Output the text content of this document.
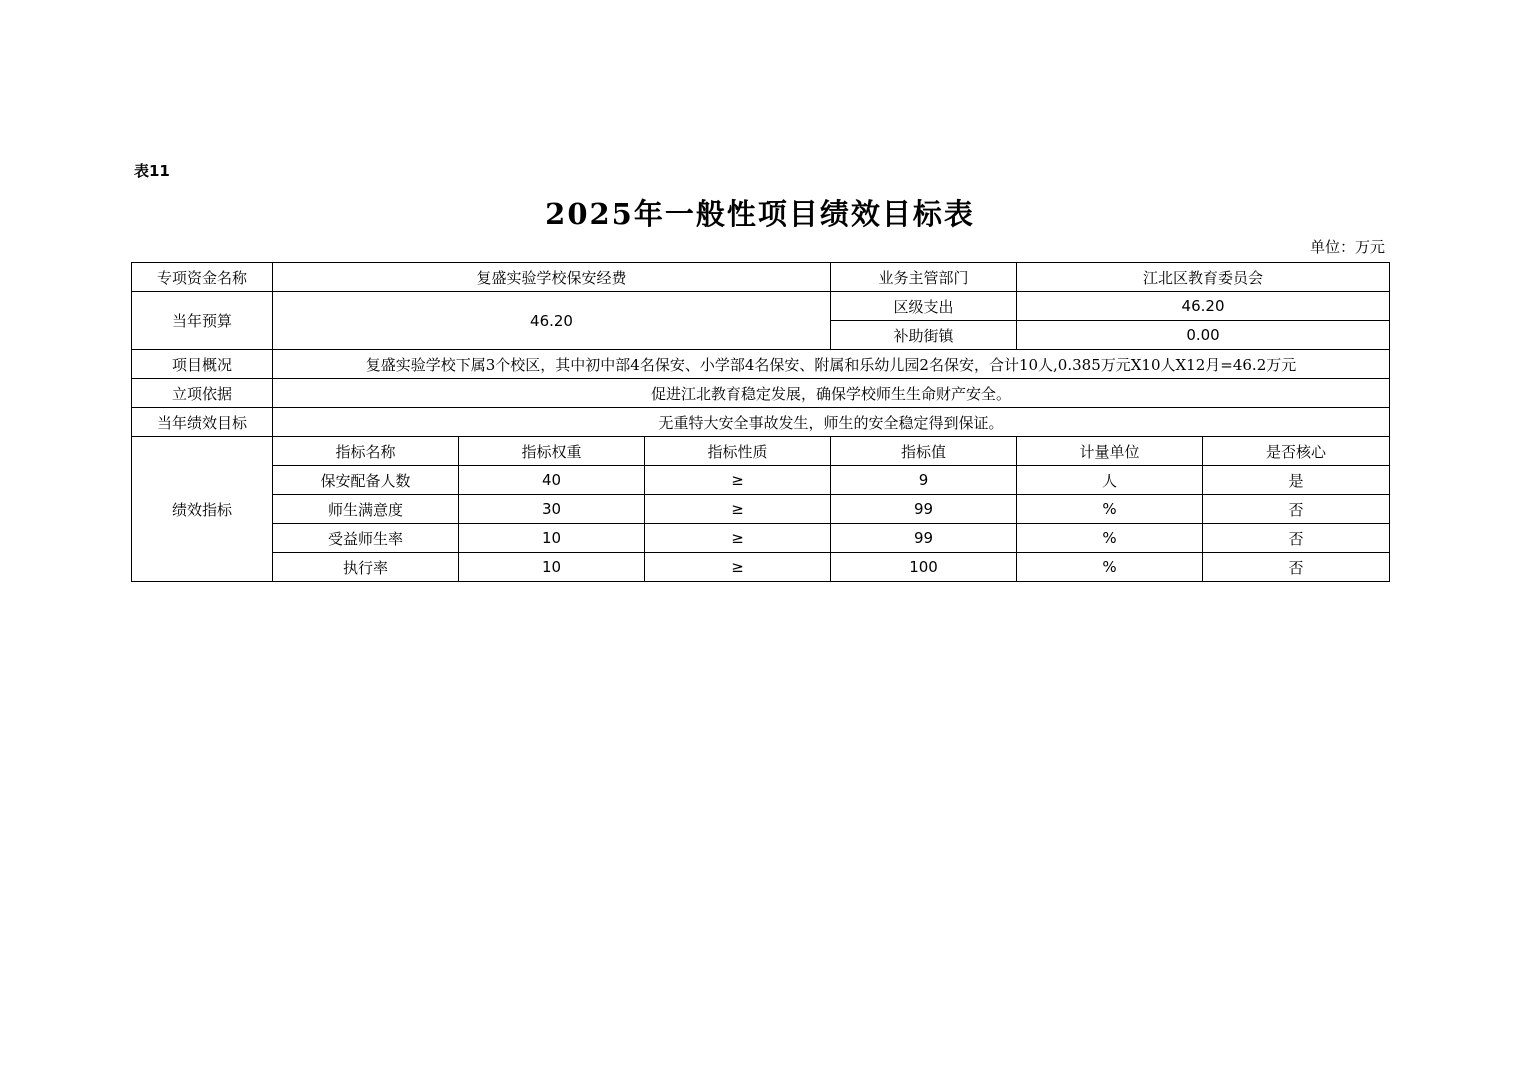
表11
2025年一般性项目绩效目标表
单位：万元
专项资金名称	复盛实验学校保安经费			业务主管部门	江北区教育委员会	
当年预算	46.20			区级支出	46.20	
				补助街镇	0.00	
项目概况	复盛实验学校下属3个校区，其中初中部4名保安、小学部4名保安、附属和乐幼儿园2名保安，合计10人,0.385万元X10人X12月=46.2万元					
立项依据	促进江北教育稳定发展，确保学校师生生命财产安全。					
当年绩效目标	无重特大安全事故发生，师生的安全稳定得到保证。					
绩效指标	指标名称	指标权重	指标性质	指标值	计量单位	是否核心
	保安配备人数	40	≥	9	人	是
	师生满意度	30	≥	99	%	否
	受益师生率	10	≥	99	%	否
	执行率	10	≥	100	%	否
